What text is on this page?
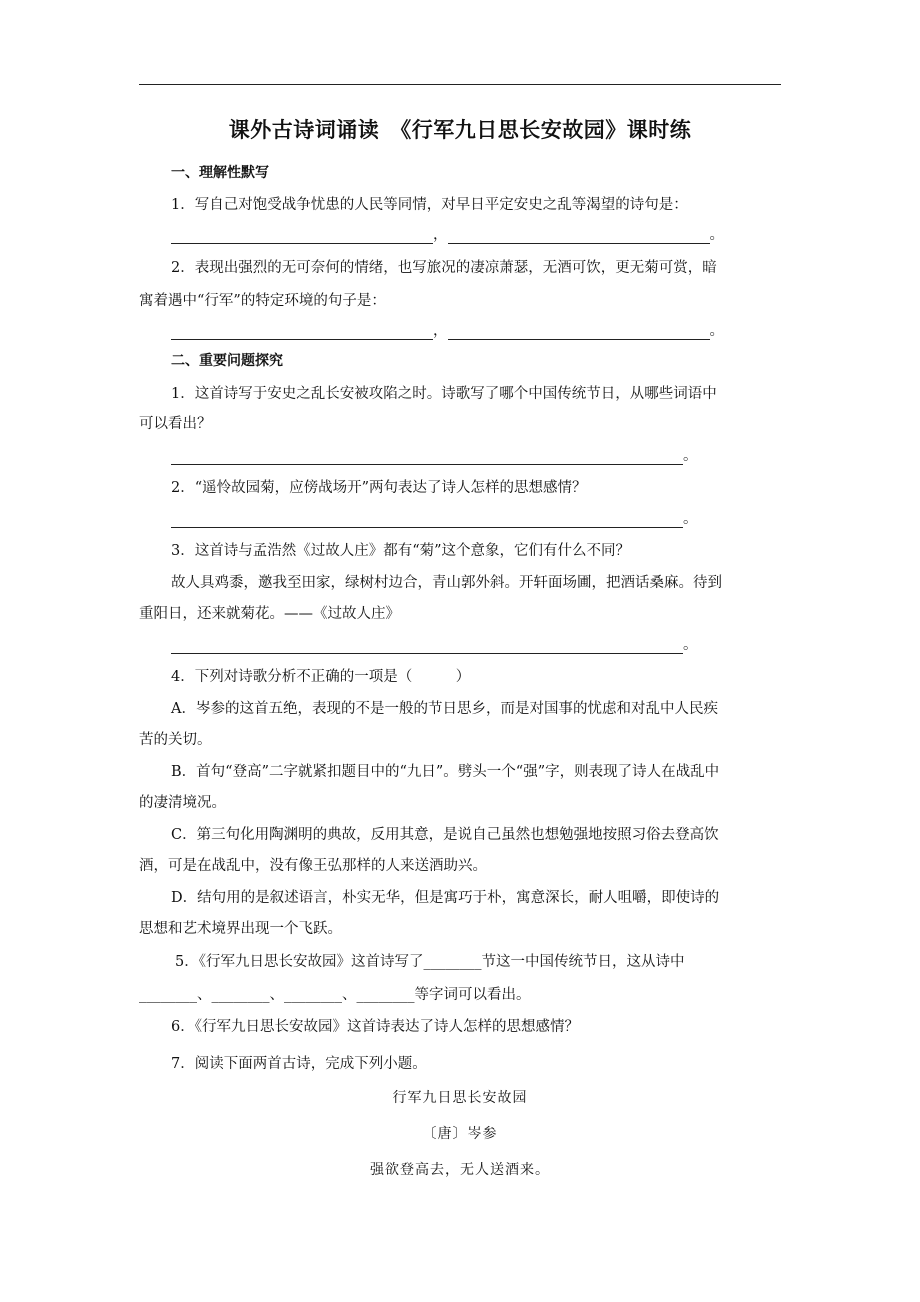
课外古诗词诵读　《行军九日思长安故园》课时练
一、理解性默写
1．写自己对饱受战争忧患的人民等同情，对早日平定安史之乱等渴望的诗句是：
，	。
2．表现出强烈的无可奈何的情绪，也写旅况的凄凉萧瑟，无酒可饮，更无菊可赏，暗
寓着遇中“行军”的特定环境的句子是：
，	。
二、重要问题探究
1．这首诗写于安史之乱长安被攻陷之时。诗歌写了哪个中国传统节日，从哪些词语中
可以看出？
。
2．“遥怜故园菊，应傍战场开”两句表达了诗人怎样的思想感情？
。
3．这首诗与孟浩然《过故人庄》都有“菊”这个意象，它们有什么不同？
故人具鸡黍，邀我至田家，绿树村边合，青山郭外斜。开轩面场圃，把酒话桑麻。待到
重阳日，还来就菊花。——《过故人庄》
。
4．下列对诗歌分析不正确的一项是（　　　）
A．岑参的这首五绝，表现的不是一般的节日思乡，而是对国事的忧虑和对乱中人民疾
苦的关切。
B．首句“登高”二字就紧扣题目中的“九日”。劈头一个“强”字，则表现了诗人在战乱中
的凄清境况。
C．第三句化用陶渊明的典故，反用其意，是说自己虽然也想勉强地按照习俗去登高饮
酒，可是在战乱中，没有像王弘那样的人来送酒助兴。
D．结句用的是叙述语言，朴实无华，但是寓巧于朴，寓意深长，耐人咀嚼，即使诗的
思想和艺术境界出现一个飞跃。
5．《行军九日思长安故园》这首诗写了________节这一中国传统节日，这从诗中
________、________、________、________等字词可以看出。
6．《行军九日思长安故园》这首诗表达了诗人怎样的思想感情？
7．阅读下面两首古诗，完成下列小题。
行军九日思长安故园
〔唐〕岑参
强欲登高去，无人送酒来。
